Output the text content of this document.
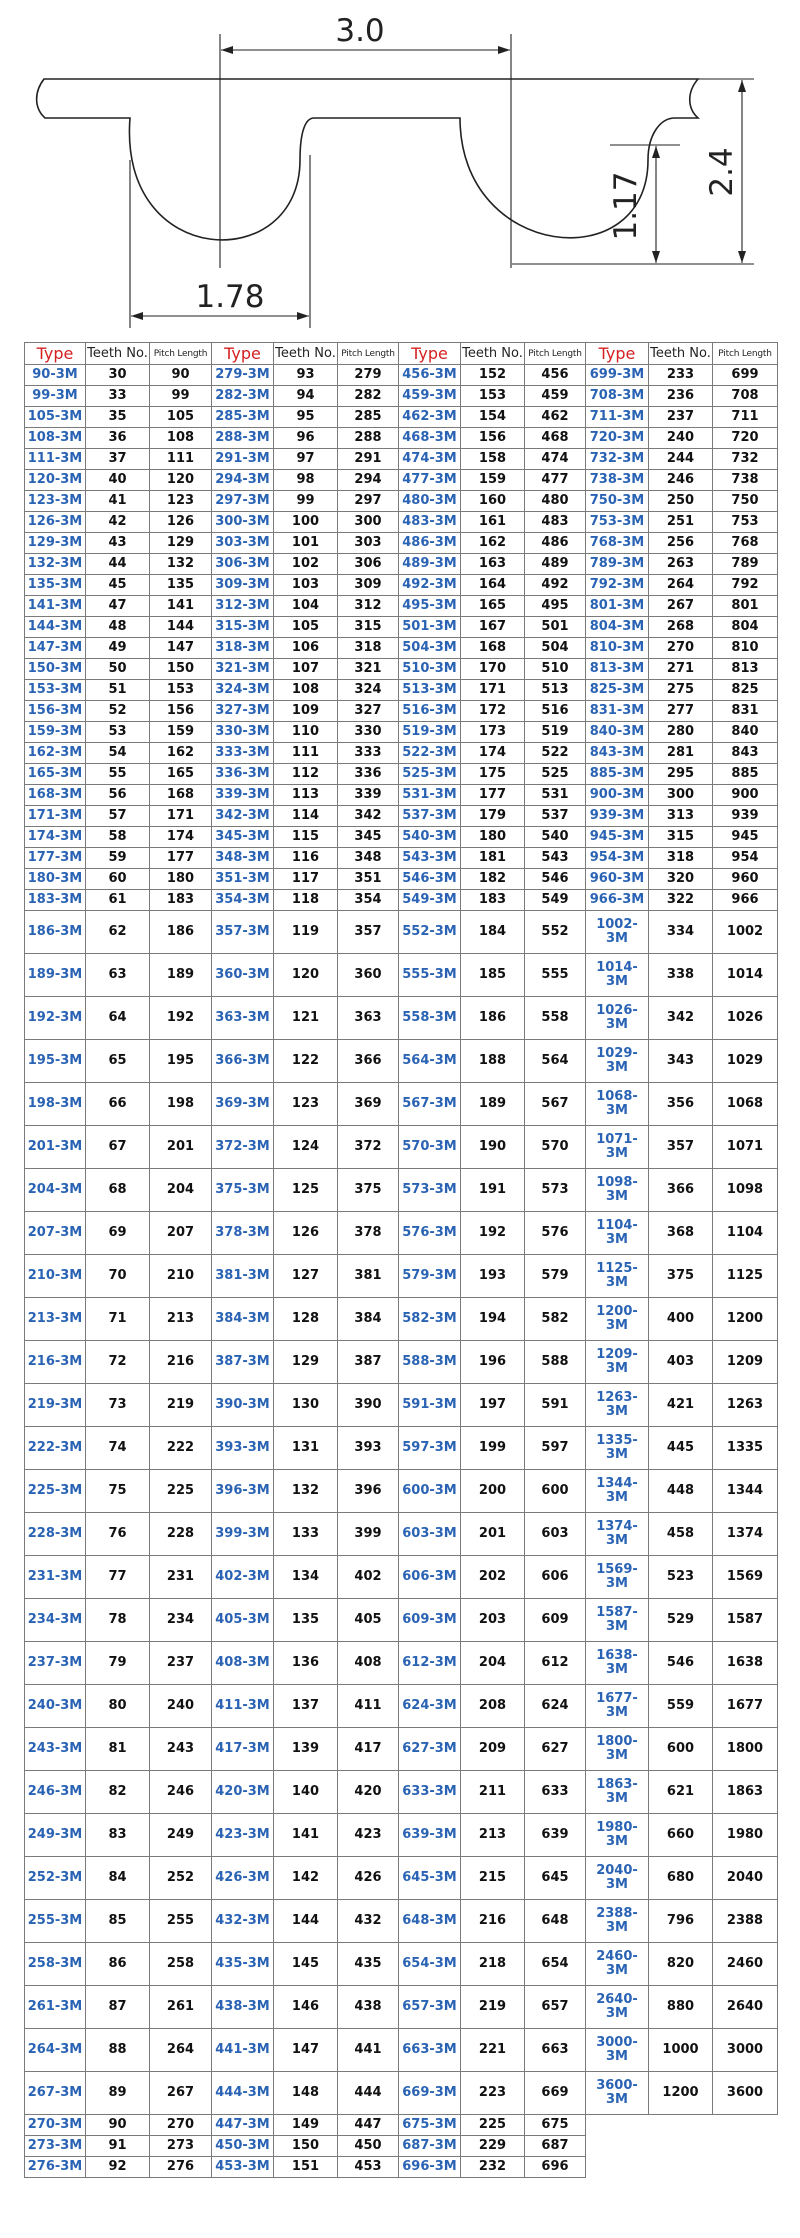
3.0
1.78
1.17 2.4
Type	Teeth No.	Pitch Length	Type	Teeth No.	Pitch Length	Type	Teeth No.	Pitch Length	Type	Teeth No.	Pitch Length
90-3M	30	90	279-3M	93	279	456-3M	152	456	699-3M	233	699
99-3M	33	99	282-3M	94	282	459-3M	153	459	708-3M	236	708
105-3M	35	105	285-3M	95	285	462-3M	154	462	711-3M	237	711
108-3M	36	108	288-3M	96	288	468-3M	156	468	720-3M	240	720
111-3M	37	111	291-3M	97	291	474-3M	158	474	732-3M	244	732
120-3M	40	120	294-3M	98	294	477-3M	159	477	738-3M	246	738
123-3M	41	123	297-3M	99	297	480-3M	160	480	750-3M	250	750
126-3M	42	126	300-3M	100	300	483-3M	161	483	753-3M	251	753
129-3M	43	129	303-3M	101	303	486-3M	162	486	768-3M	256	768
132-3M	44	132	306-3M	102	306	489-3M	163	489	789-3M	263	789
135-3M	45	135	309-3M	103	309	492-3M	164	492	792-3M	264	792
141-3M	47	141	312-3M	104	312	495-3M	165	495	801-3M	267	801
144-3M	48	144	315-3M	105	315	501-3M	167	501	804-3M	268	804
147-3M	49	147	318-3M	106	318	504-3M	168	504	810-3M	270	810
150-3M	50	150	321-3M	107	321	510-3M	170	510	813-3M	271	813
153-3M	51	153	324-3M	108	324	513-3M	171	513	825-3M	275	825
156-3M	52	156	327-3M	109	327	516-3M	172	516	831-3M	277	831
159-3M	53	159	330-3M	110	330	519-3M	173	519	840-3M	280	840
162-3M	54	162	333-3M	111	333	522-3M	174	522	843-3M	281	843
165-3M	55	165	336-3M	112	336	525-3M	175	525	885-3M	295	885
168-3M	56	168	339-3M	113	339	531-3M	177	531	900-3M	300	900
171-3M	57	171	342-3M	114	342	537-3M	179	537	939-3M	313	939
174-3M	58	174	345-3M	115	345	540-3M	180	540	945-3M	315	945
177-3M	59	177	348-3M	116	348	543-3M	181	543	954-3M	318	954
180-3M	60	180	351-3M	117	351	546-3M	182	546	960-3M	320	960
183-3M	61	183	354-3M	118	354	549-3M	183	549	966-3M	322	966
186-3M	62	186	357-3M	119	357	552-3M	184	552	1002-3M	334	1002
189-3M	63	189	360-3M	120	360	555-3M	185	555	1014-3M	338	1014
192-3M	64	192	363-3M	121	363	558-3M	186	558	1026-3M	342	1026
195-3M	65	195	366-3M	122	366	564-3M	188	564	1029-3M	343	1029
198-3M	66	198	369-3M	123	369	567-3M	189	567	1068-3M	356	1068
201-3M	67	201	372-3M	124	372	570-3M	190	570	1071-3M	357	1071
204-3M	68	204	375-3M	125	375	573-3M	191	573	1098-3M	366	1098
207-3M	69	207	378-3M	126	378	576-3M	192	576	1104-3M	368	1104
210-3M	70	210	381-3M	127	381	579-3M	193	579	1125-3M	375	1125
213-3M	71	213	384-3M	128	384	582-3M	194	582	1200-3M	400	1200
216-3M	72	216	387-3M	129	387	588-3M	196	588	1209-3M	403	1209
219-3M	73	219	390-3M	130	390	591-3M	197	591	1263-3M	421	1263
222-3M	74	222	393-3M	131	393	597-3M	199	597	1335-3M	445	1335
225-3M	75	225	396-3M	132	396	600-3M	200	600	1344-3M	448	1344
228-3M	76	228	399-3M	133	399	603-3M	201	603	1374-3M	458	1374
231-3M	77	231	402-3M	134	402	606-3M	202	606	1569-3M	523	1569
234-3M	78	234	405-3M	135	405	609-3M	203	609	1587-3M	529	1587
237-3M	79	237	408-3M	136	408	612-3M	204	612	1638-3M	546	1638
240-3M	80	240	411-3M	137	411	624-3M	208	624	1677-3M	559	1677
243-3M	81	243	417-3M	139	417	627-3M	209	627	1800-3M	600	1800
246-3M	82	246	420-3M	140	420	633-3M	211	633	1863-3M	621	1863
249-3M	83	249	423-3M	141	423	639-3M	213	639	1980-3M	660	1980
252-3M	84	252	426-3M	142	426	645-3M	215	645	2040-3M	680	2040
255-3M	85	255	432-3M	144	432	648-3M	216	648	2388-3M	796	2388
258-3M	86	258	435-3M	145	435	654-3M	218	654	2460-3M	820	2460
261-3M	87	261	438-3M	146	438	657-3M	219	657	2640-3M	880	2640
264-3M	88	264	441-3M	147	441	663-3M	221	663	3000-3M	1000	3000
267-3M	89	267	444-3M	148	444	669-3M	223	669	3600-3M	1200	3600
270-3M	90	270	447-3M	149	447	675-3M	225	675			
273-3M	91	273	450-3M	150	450	687-3M	229	687			
276-3M	92	276	453-3M	151	453	696-3M	232	696			
